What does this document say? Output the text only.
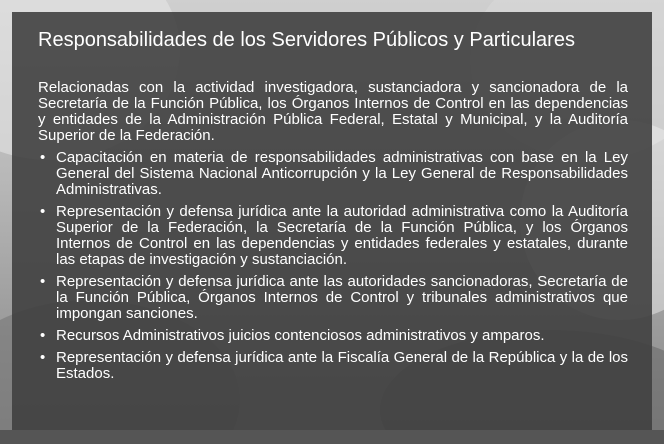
Responsabilidades de los Servidores Públicos y Particulares

Relacionadas con la actividad investigadora, sustanciadora y sancionadora de la Secretaría de la Función Pública, los Órganos Internos de Control en las dependencias y entidades de la Administración Pública Federal, Estatal y Municipal, y la Auditoría Superior de la Federación.

• Capacitación en materia de responsabilidades administrativas con base en la Ley General del Sistema Nacional Anticorrupción y la Ley General de Responsabilidades Administrativas.
• Representación y defensa jurídica ante la autoridad administrativa como la Auditoría Superior de la Federación, la Secretaría de la Función Pública, y los Órganos Internos de Control en las dependencias y entidades federales y estatales, durante las etapas de investigación y sustanciación.
• Representación y defensa jurídica ante las autoridades sancionadoras, Secretaría de la Función Pública, Órganos Internos de Control y tribunales administrativos que impongan sanciones.
• Recursos Administrativos juicios contenciosos administrativos y amparos.
• Representación y defensa jurídica ante la Fiscalía General de la República y la de los Estados.
